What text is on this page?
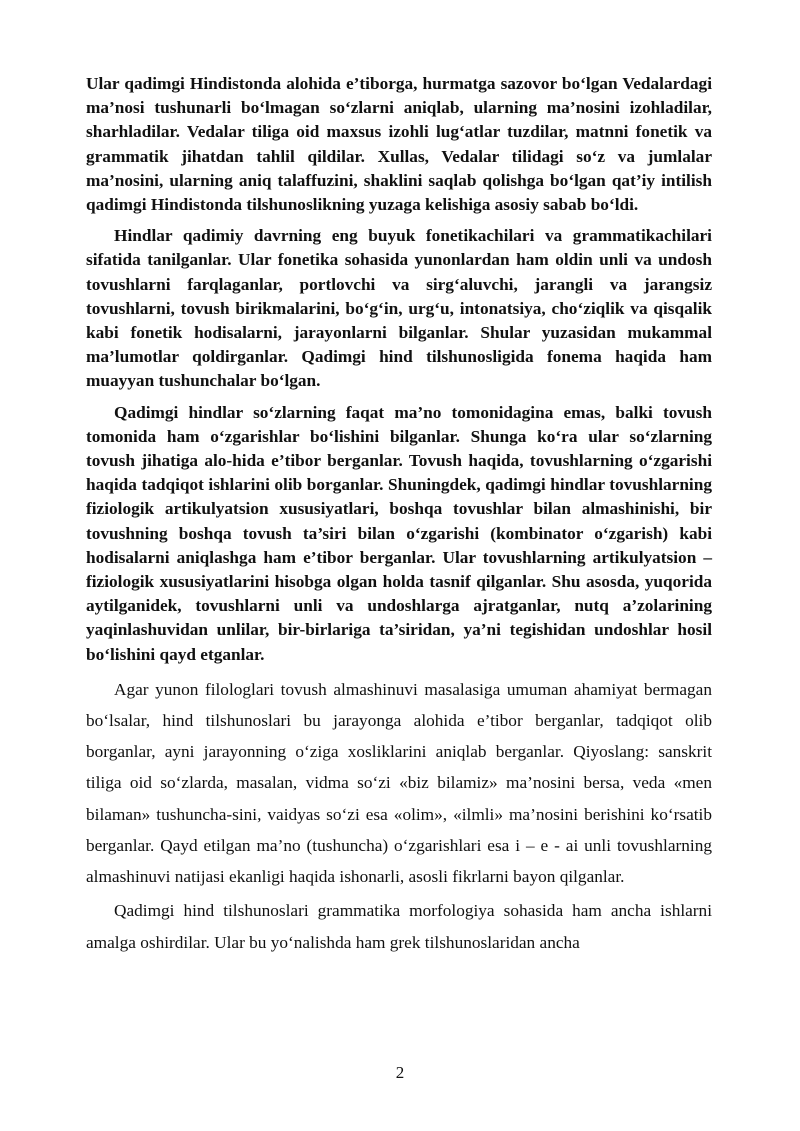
Ular qadimgi Hindistonda alohida e’tiborga, hurmatga sazovor bo‘lgan Vedalardagi ma’nosi tushunarli bo‘lmagan so‘zlarni aniqlab, ularning ma’nosini izohladilar, sharhladilar. Vedalar tiliga oid maxsus izohli lug‘atlar tuzdilar, matnni fonetik va grammatik jihatdan tahlil qildilar. Xullas, Vedalar tilidagi so‘z va jumlalar ma’nosini, ularning aniq talaffuzini, shaklini saqlab qolishga bo‘lgan qat’iy intilish qadimgi Hindistonda tilshunoslikning yuzaga kelishiga asosiy sabab bo‘ldi.

Hindlar qadimiy davrning eng buyuk fonetikachilari va grammatikachilari sifatida tanilganlar. Ular fonetika sohasida yunonlardan ham oldin unli va undosh tovushlarni farqlaganlar, portlovchi va sirg‘aluvchi, jarangli va jarangsiz tovushlarni, tovush birikmalarini, bo‘g‘in, urg‘u, intonatsiya, cho‘ziqlik va qisqalik kabi fonetik hodisalarni, jarayonlarni bilganlar. Shular yuzasidan mukammal ma’lumotlar qoldirganlar. Qadimgi hind tilshunosligida fonema haqida ham muayyan tushunchalar bo‘lgan.

Qadimgi hindlar so‘zlarning faqat ma’no tomonidagina emas, balki tovush tomonida ham o‘zgarishlar bo‘lishini bilganlar. Shunga ko‘ra ular so‘zlarning tovush jihatiga alo-hida e’tibor berganlar. Tovush haqida, tovushlarning o‘zgarishi haqida tadqiqot ishlarini olib borganlar. Shuningdek, qadimgi hindlar tovushlarning fiziologik artikulyatsion xususiyatlari, boshqa tovushlar bilan almashinishi, bir tovushning boshqa tovush ta’siri bilan o‘zgarishi (kombinator o‘zgarish) kabi hodisalarni aniqlashga ham e’tibor berganlar. Ular tovushlarning artikulyatsion – fiziologik xususiyatlarini hisobga olgan holda tasnif qilganlar. Shu asosda, yuqorida aytilganidek, tovushlarni unli va undoshlarga ajratganlar, nutq a’zolarining yaqinlashuvidan unlilar, bir-birlariga ta’siridan, ya’ni tegishidan undoshlar hosil bo‘lishini qayd etganlar.

Agar yunon filologlari tovush almashinuvi masalasiga umuman ahamiyat bermagan bo‘lsalar, hind tilshunoslari bu jarayonga alohida e’tibor berganlar, tadqiqot olib borganlar, ayni jarayonning o‘ziga xosliklarini aniqlab berganlar. Qiyoslang: sanskrit tiliga oid so‘zlarda, masalan, vidma so‘zi «biz bilamiz» ma’nosini bersa, veda «men bilaman» tushuncha-sini, vaidyas so‘zi esa «olim», «ilmli» ma’nosini berishini ko‘rsatib berganlar. Qayd etilgan ma’no (tushuncha) o‘zgarishlari esa i – e - ai unli tovushlarning almashinuvi natijasi ekanligi haqida ishonarli, asosli fikrlarni bayon qilganlar.

Qadimgi hind tilshunoslari grammatika morfologiya sohasida ham ancha ishlarni amalga oshirdilar. Ular bu yo‘nalishda ham grek tilshunoslaridan ancha

2
